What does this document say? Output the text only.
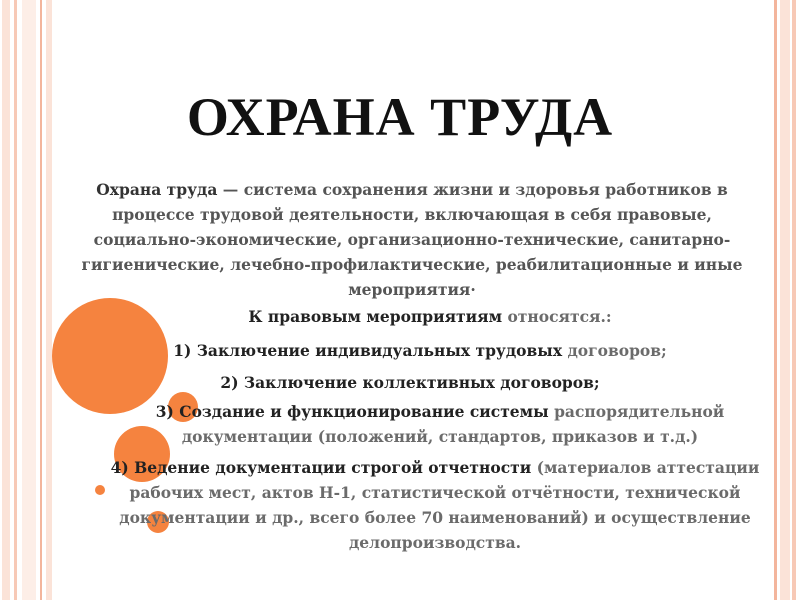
ОХРАНА ТРУДА
Охрана труда — система сохранения жизни и здоровья работников в процессе трудовой деятельности, включающая в себя правовые, социально-экономические, организационно-технические, санитарно-гигиенические, лечебно-профилактические, реабилитационные и иные мероприятия·
К правовым мероприятиям относятся.:
1) Заключение индивидуальных трудовых договоров;
2) Заключение коллективных договоров;
3) Создание и функционирование системы распорядительной документации (положений, стандартов, приказов и т.д.)
4) Ведение документации строгой отчетности (материалов аттестации рабочих мест, актов Н-1, статистической отчётности, технической документации и др., всего более 70 наименований) и осуществление делопроизводства.
